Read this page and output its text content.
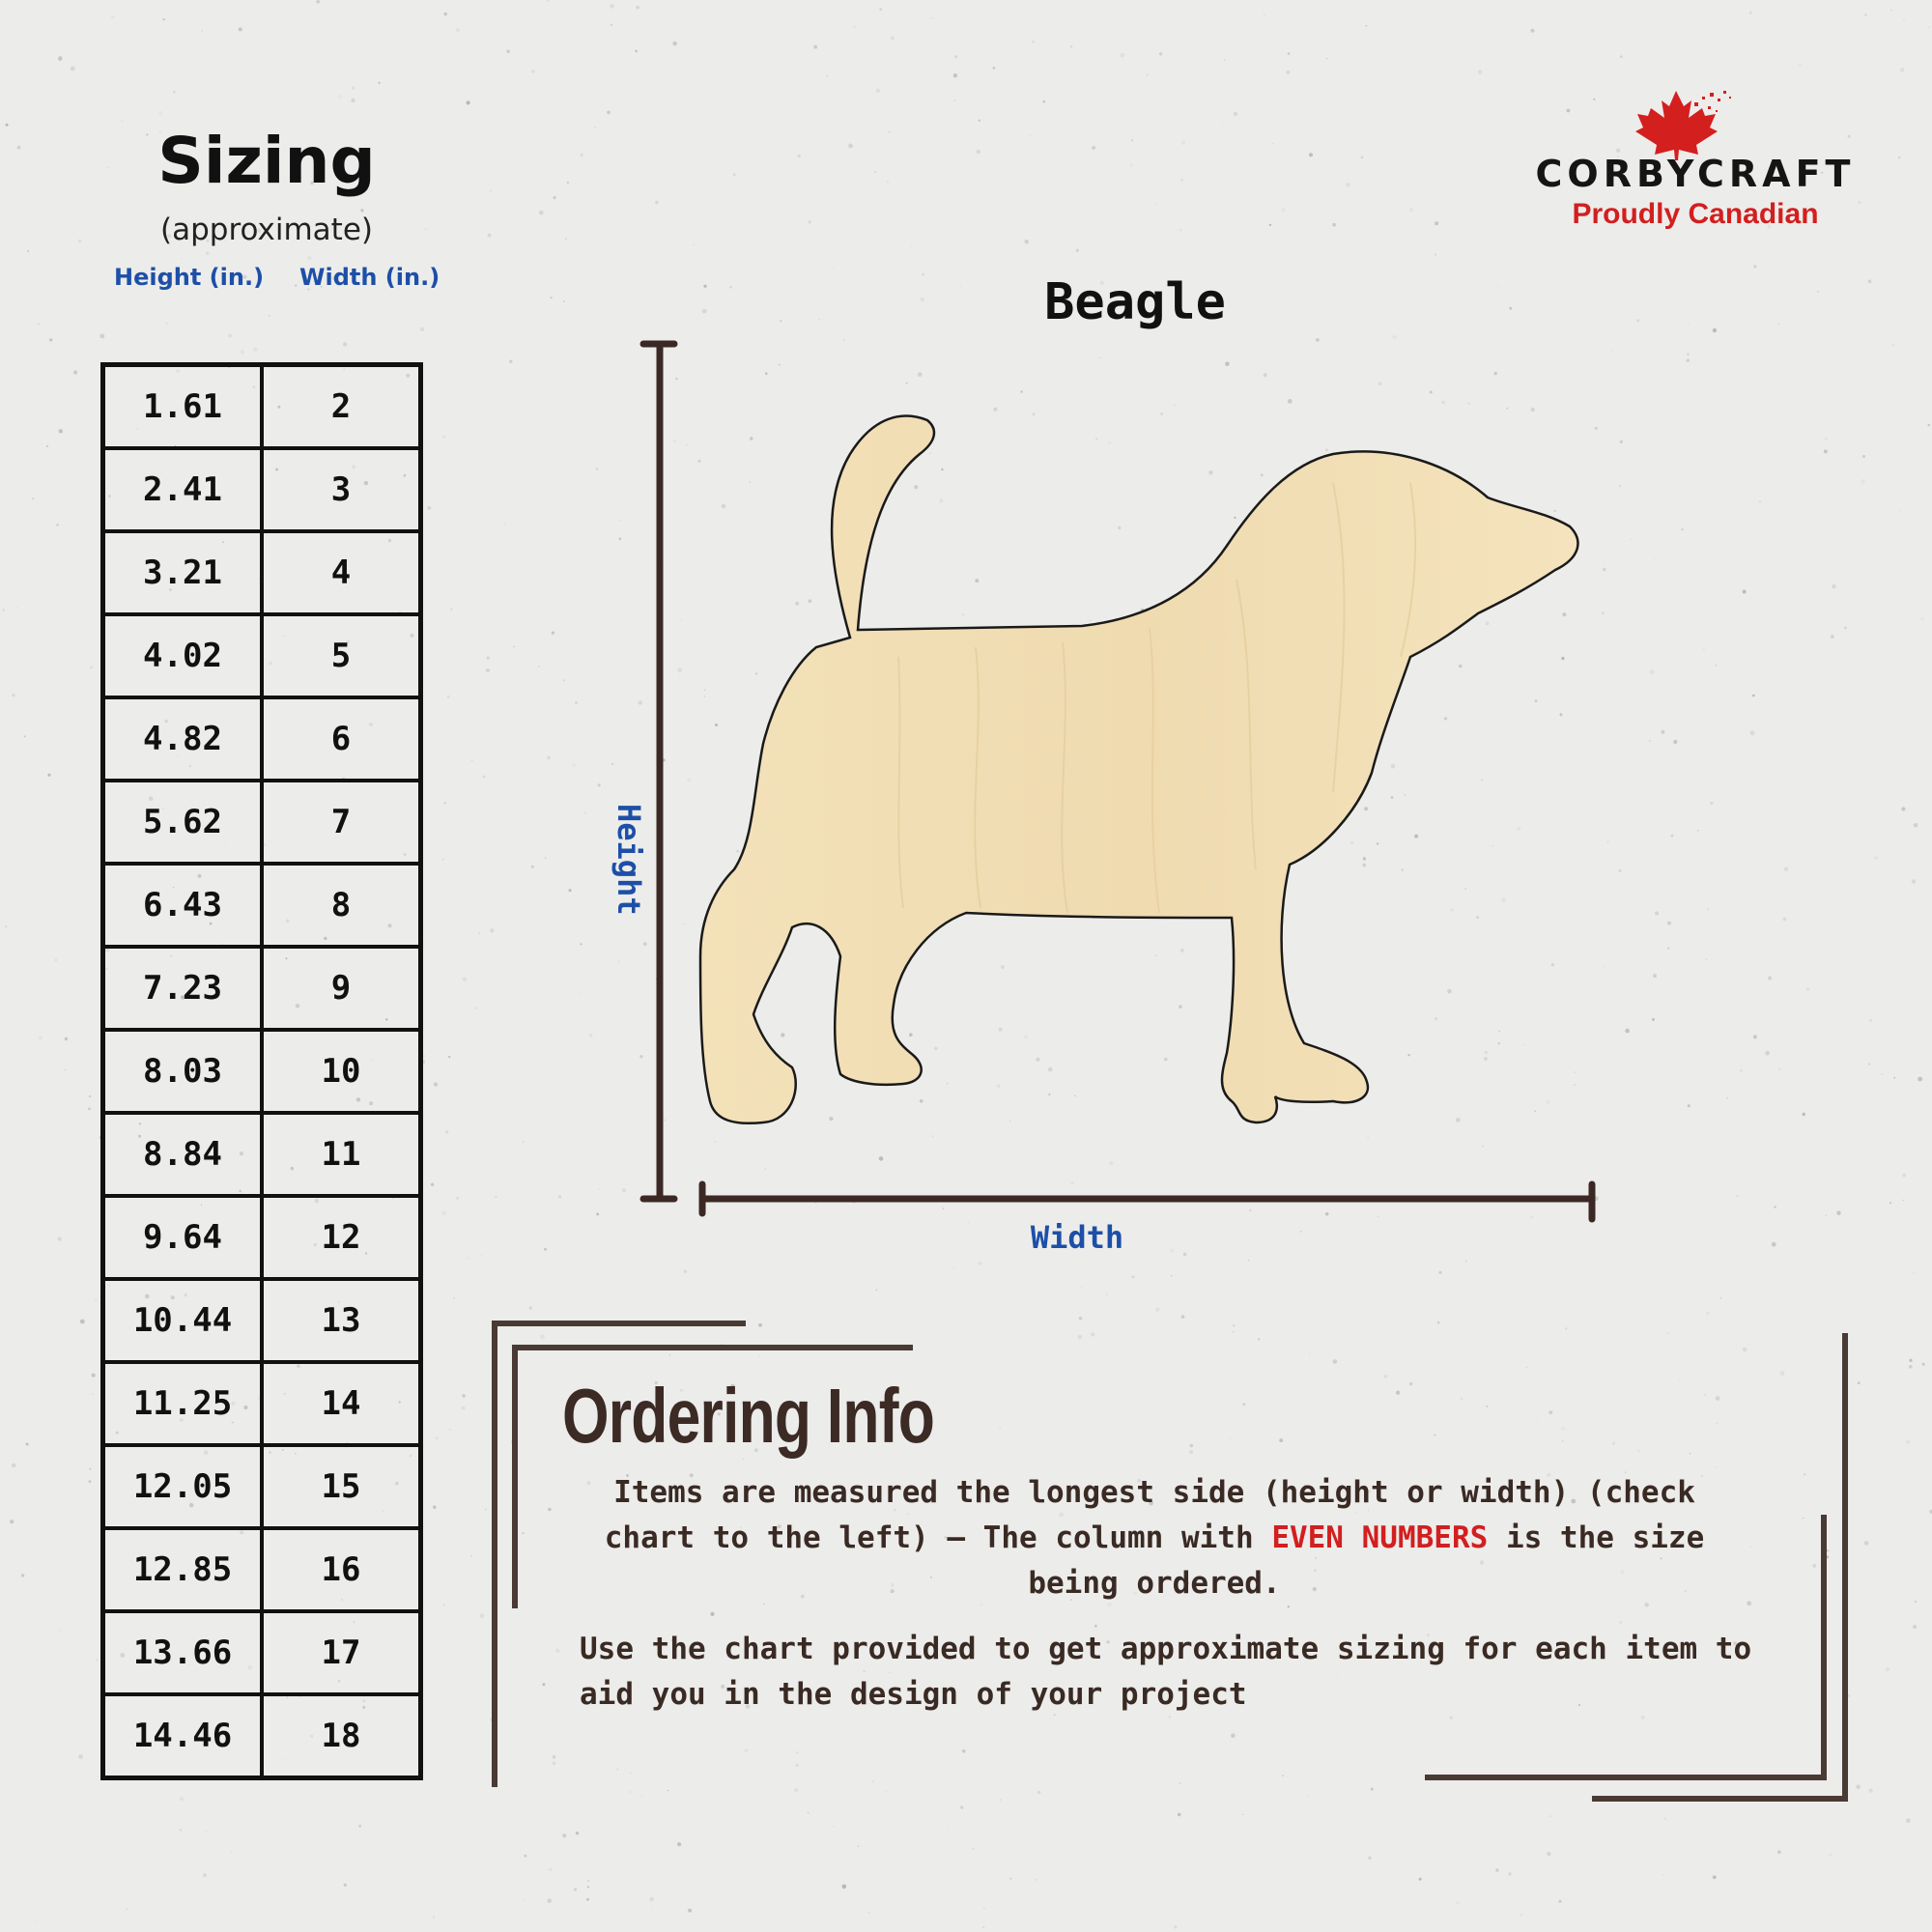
Sizing
(approximate)
Height (in.) Width (in.)
1.61	2
2.41	3
3.21	4
4.02	5
4.82	6
5.62	7
6.43	8
7.23	9
8.03	10
8.84	11
9.64	12
10.44	13
11.25	14
12.05	15
12.85	16
13.66	17
14.46	18
CORBYCRAFT
Proudly Canadian
Beagle
Height
Width
Ordering Info
Items are measured the longest side (height or width) (check chart to the left) – The column with EVEN NUMBERS is the size being ordered.
Use the chart provided to get approximate sizing for each item to aid you in the design of your project
